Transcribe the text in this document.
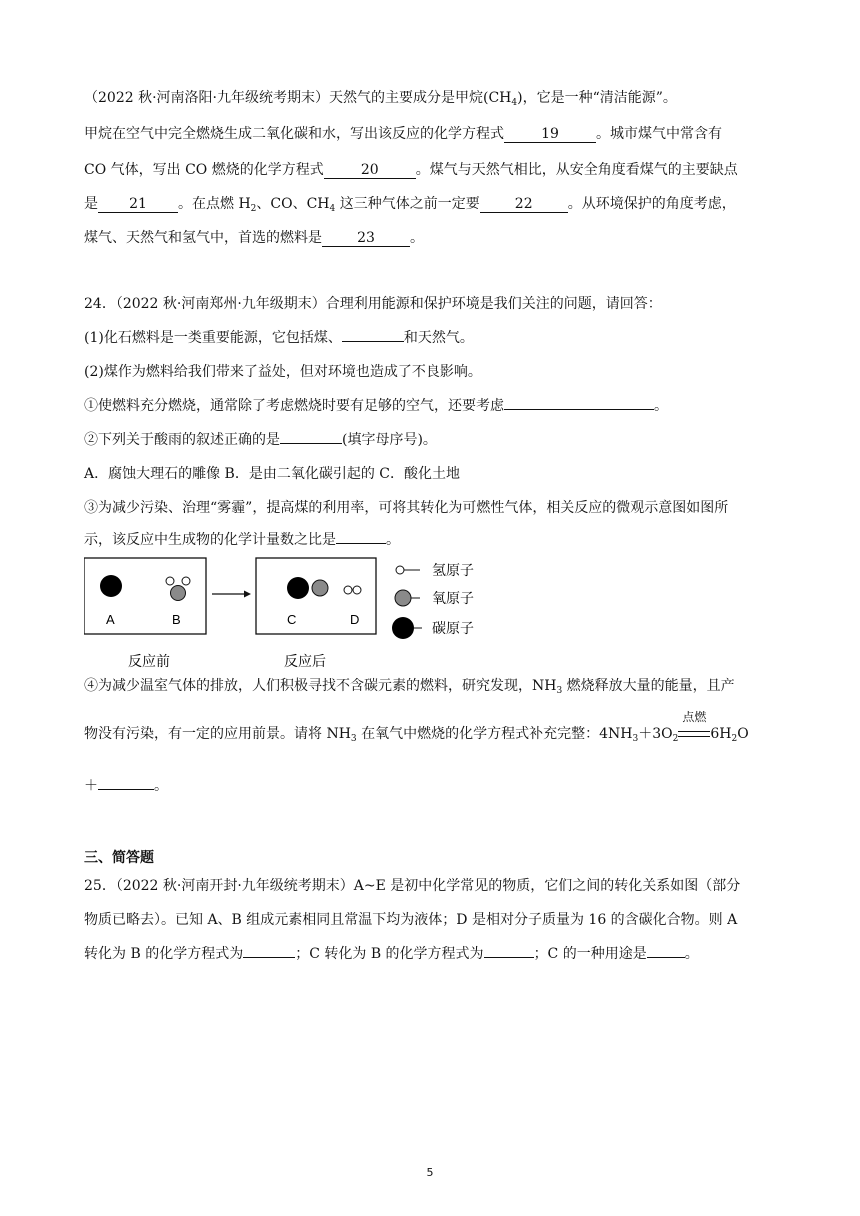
（2022 秋·河南洛阳·九年级统考期末）天然气的主要成分是甲烷$(CH_4)$，它是一种“清洁能源”。
甲烷在空气中完全燃烧生成二氧化碳和水，写出该反应的化学方程式	19	。城市煤气中常含有
CO 气体，写出 CO 燃烧的化学方程式	20	。煤气与天然气相比，从安全角度看煤气的主要缺点
是 21 。在点燃 $H_2$、CO、$CH_4$ 这三种气体之前一定要	22	。从环境保护的角度考虑，
煤气、天然气和氢气中，首选的燃料是	23	。
24．（2022 秋·河南郑州·九年级期末）合理利用能源和保护环境是我们关注的问题，请回答：
(1)化石燃料是一类重要能源，它包括煤、	和天然气。
(2)煤作为燃料给我们带来了益处，但对环境也造成了不良影响。
①使燃料充分燃烧，通常除了考虑燃烧时要有足够的空气，还要考虑	。
②下列关于酸雨的叙述正确的是	(填字母序号)。
A．腐蚀大理石的雕像 B．是由二氧化碳引起的 C．酸化土地
③为减少污染、治理“雾霾”，提高煤的利用率，可将其转化为可燃性气体，相关反应的微观示意图如图所
示，该反应中生成物的化学计量数之比是	。
A	B	C	D
反应前	反应后
氢原子
氧原子
碳原子
④为减少温室气体的排放，人们积极寻找不含碳元素的燃料，研究发现，$NH_3$ 燃烧释放大量的能量，且产
物没有污染，有一定的应用前景。请将 $NH_3$ 在氧气中燃烧的化学方程式补充完整：$4NH_3+3O_2$
点燃
$6H_2O$
＋	。
三、简答题
25．（2022 秋·河南开封·九年级统考期末）A~E 是初中化学常见的物质，它们之间的转化关系如图（部分
物质已略去）。已知 A、B 组成元素相同且常温下均为液体；D 是相对分子质量为 16 的含碳化合物。则 A
转化为 B 的化学方程式为	；C 转化为 B 的化学方程式为	；C 的一种用途是	。
5
